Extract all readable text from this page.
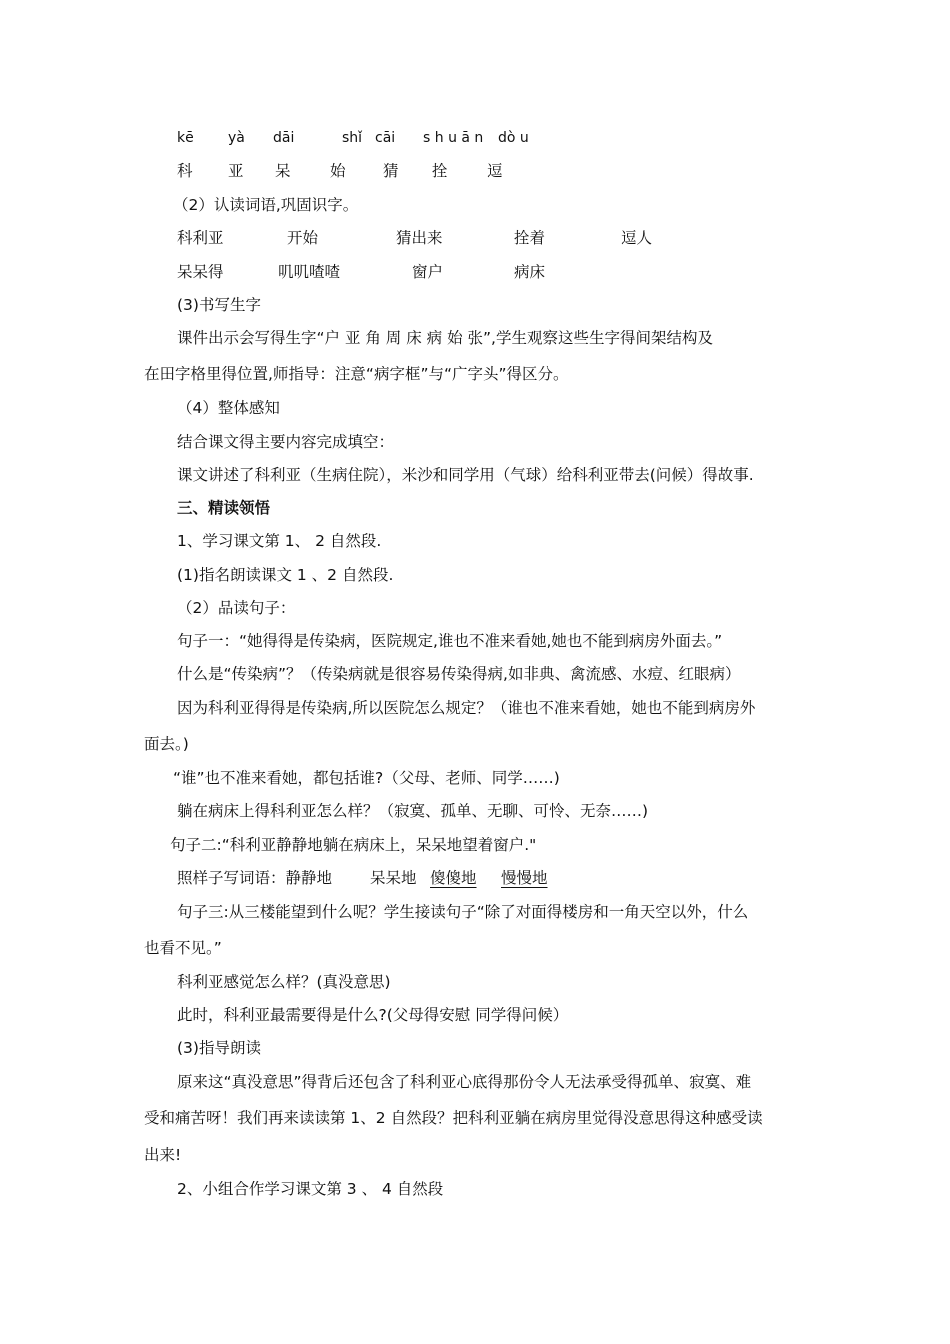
kē yà dāi	shǐ cāi s h u ā n dò u
科 亚 呆	始 猜 拴	逗
（2）认读词语,巩固识字。
科利亚	开始	猜出来	拴着	逗人
呆呆得	叽叽喳喳	窗户	病床
(3)书写生字
课件出示会写得生字“户 亚 角 周 床 病 始 张”,学生观察这些生字得间架结构及
在田字格里得位置,师指导：注意“病字框”与“广字头”得区分。
（4）整体感知
结合课文得主要内容完成填空：
课文讲述了科利亚（生病住院），米沙和同学用（气球）给科利亚带去(问候）得故事.
三、精读领悟
1、学习课文第 1、 2 自然段.
(1)指名朗读课文 1 、2 自然段.
（2）品读句子：
句子一：“她得得是传染病，医院规定,谁也不准来看她,她也不能到病房外面去。”
什么是“传染病”？（传染病就是很容易传染得病,如非典、禽流感、水痘、红眼病）
因为科利亚得得是传染病,所以医院怎么规定？（谁也不准来看她，她也不能到病房外
面去。)
“谁”也不准来看她，都包括谁?（父母、老师、同学……)
躺在病床上得科利亚怎么样？（寂寞、孤单、无聊、可怜、无奈……)
句子二:“科利亚静静地躺在病床上，呆呆地望着窗户."
照样子写词语：静静地 呆呆地 傻傻地 慢慢地
句子三:从三楼能望到什么呢？学生接读句子“除了对面得楼房和一角天空以外，什么
也看不见。”
科利亚感觉怎么样？(真没意思)
此时，科利亚最需要得是什么?(父母得安慰 同学得问候）
(3)指导朗读
原来这“真没意思”得背后还包含了科利亚心底得那份令人无法承受得孤单、寂寞、难
受和痛苦呀！我们再来读读第 1、2 自然段？把科利亚躺在病房里觉得没意思得这种感受读
出来!
2、小组合作学习课文第 3 、 4 自然段
